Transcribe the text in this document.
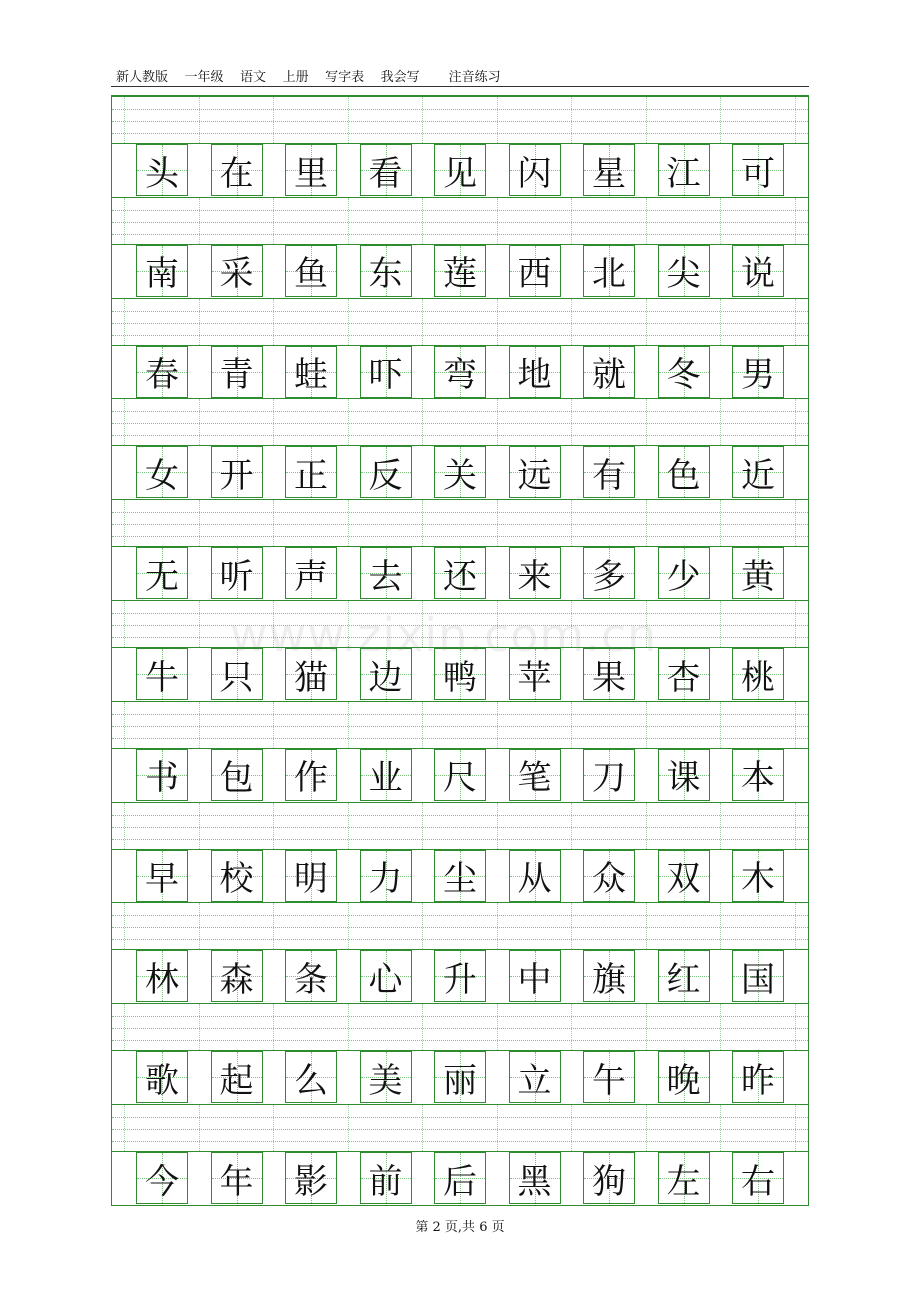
新人教版    一年级    语文    上册    写字表    我会写       注音练习
头 在 里 看 见 闪 星 江 可
南 采 鱼 东 莲 西 北 尖 说
春 青 蛙 吓 弯 地 就 冬 男
女 开 正 反 关 远 有 色 近
无 听 声 去 还 来 多 少 黄
牛 只 猫 边 鸭 苹 果 杏 桃
书 包 作 业 尺 笔 刀 课 本
早 校 明 力 尘 从 众 双 木
林 森 条 心 升 中 旗 红 国
歌 起 么 美 丽 立 午 晚 昨
今 年 影 前 后 黑 狗 左 右
www.zixin.com.cn
第 2 页,共 6 页
